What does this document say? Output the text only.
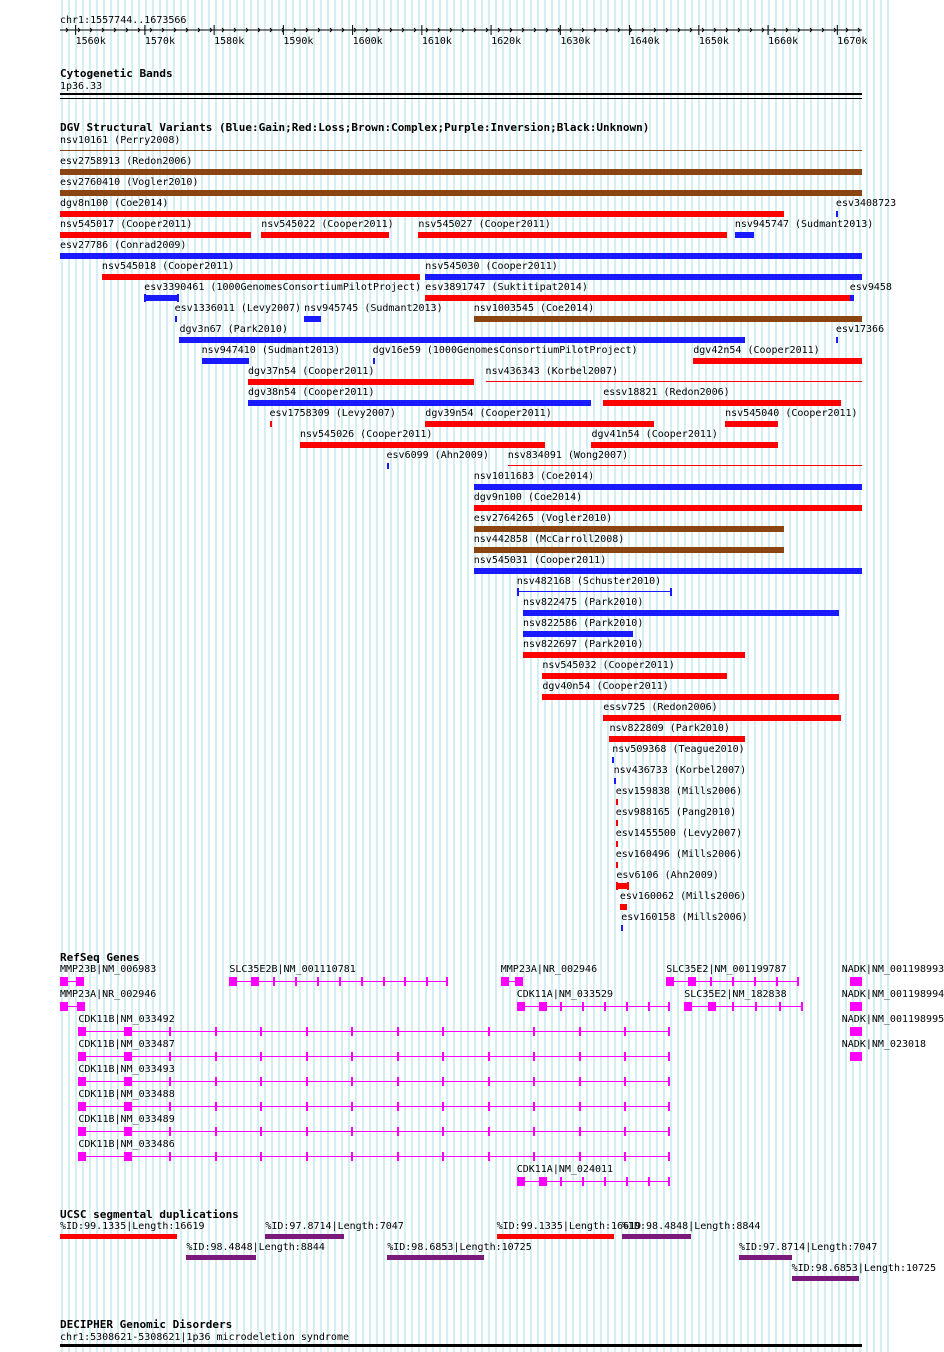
chr1:1557744..1673566
1560k	1570k	1580k	1590k	1600k	1610k	1620k	1630k	1640k	1650k	1660k	1670k
Cytogenetic Bands
1p36.33
DGV Structural Variants (Blue:Gain;Red:Loss;Brown:Complex;Purple:Inversion;Black:Unknown)
nsv10161 (Perry2008)
esv2758913 (Redon2006)
esv2760410 (Vogler2010)
dgv8n100 (Coe2014)	esv3408723
nsv545017 (Cooper2011)	nsv545022 (Cooper2011) nsv545027 (Cooper2011)	nsv945747 (Sudmant2013)
esv27786 (Conrad2009)
nsv545018 (Cooper2011)	nsv545030 (Cooper2011)
esv3390461 (1000GenomesConsortiumPilotProject) esv3891747 (Suktitipat2014)	esv9458
esv1336011 (Levy2007) nsv945745 (Sudmant2013)	nsv1003545 (Coe2014)
dgv3n67 (Park2010)	esv17366
nsv947410 (Sudmant2013)	dgv16e59 (1000GenomesConsortiumPilotProject)	dgv42n54 (Cooper2011)
dgv37n54 (Cooper2011)	nsv436343 (Korbel2007)
dgv38n54 (Cooper2011)	essv18821 (Redon2006)
esv1758309 (Levy2007)	dgv39n54 (Cooper2011)	nsv545040 (Cooper2011)
nsv545026 (Cooper2011)	dgv41n54 (Cooper2011)
esv6099 (Ahn2009) nsv834091 (Wong2007)
nsv1011683 (Coe2014)
dgv9n100 (Coe2014)
esv2764265 (Vogler2010)
nsv442858 (McCarroll2008)
nsv545031 (Cooper2011)
nsv482168 (Schuster2010)
nsv822475 (Park2010)
nsv822586 (Park2010)
nsv822697 (Park2010)
nsv545032 (Cooper2011)
dgv40n54 (Cooper2011)
essv725 (Redon2006)
nsv822809 (Park2010)
nsv509368 (Teague2010)
nsv436733 (Korbel2007)
esv159838 (Mills2006)
esv988165 (Pang2010)
esv1455500 (Levy2007)
esv160496 (Mills2006)
esv6106 (Ahn2009)
esv160062 (Mills2006)
esv160158 (Mills2006)
RefSeq Genes
MMP23B|NM_006983	SLC35E2B|NM_001110781	MMP23A|NR_002946	SLC35E2|NM_001199787	NADK|NM_001198993
MMP23A|NR_002946	CDK11A|NM_033529	SLC35E2|NM_182838	NADK|NM_001198994
CDK11B|NM_033492	NADK|NM_001198995
CDK11B|NM_033487	NADK|NM_023018
CDK11B|NM_033493
CDK11B|NM_033488
CDK11B|NM_033489
CDK11B|NM_033486
CDK11A|NM_024011
UCSC segmental duplications
%ID:99.1335|Length:16619	%ID:97.8714|Length:7047	%ID:99.1335|Length:16619
%ID:98.4848|Length:8844
%ID:98.4848|Length:8844	%ID:98.6853|Length:10725	%ID:97.8714|Length:7047
%ID:98.6853|Length:10725
DECIPHER Genomic Disorders
chr1:5308621-5308621|1p36 microdeletion syndrome
